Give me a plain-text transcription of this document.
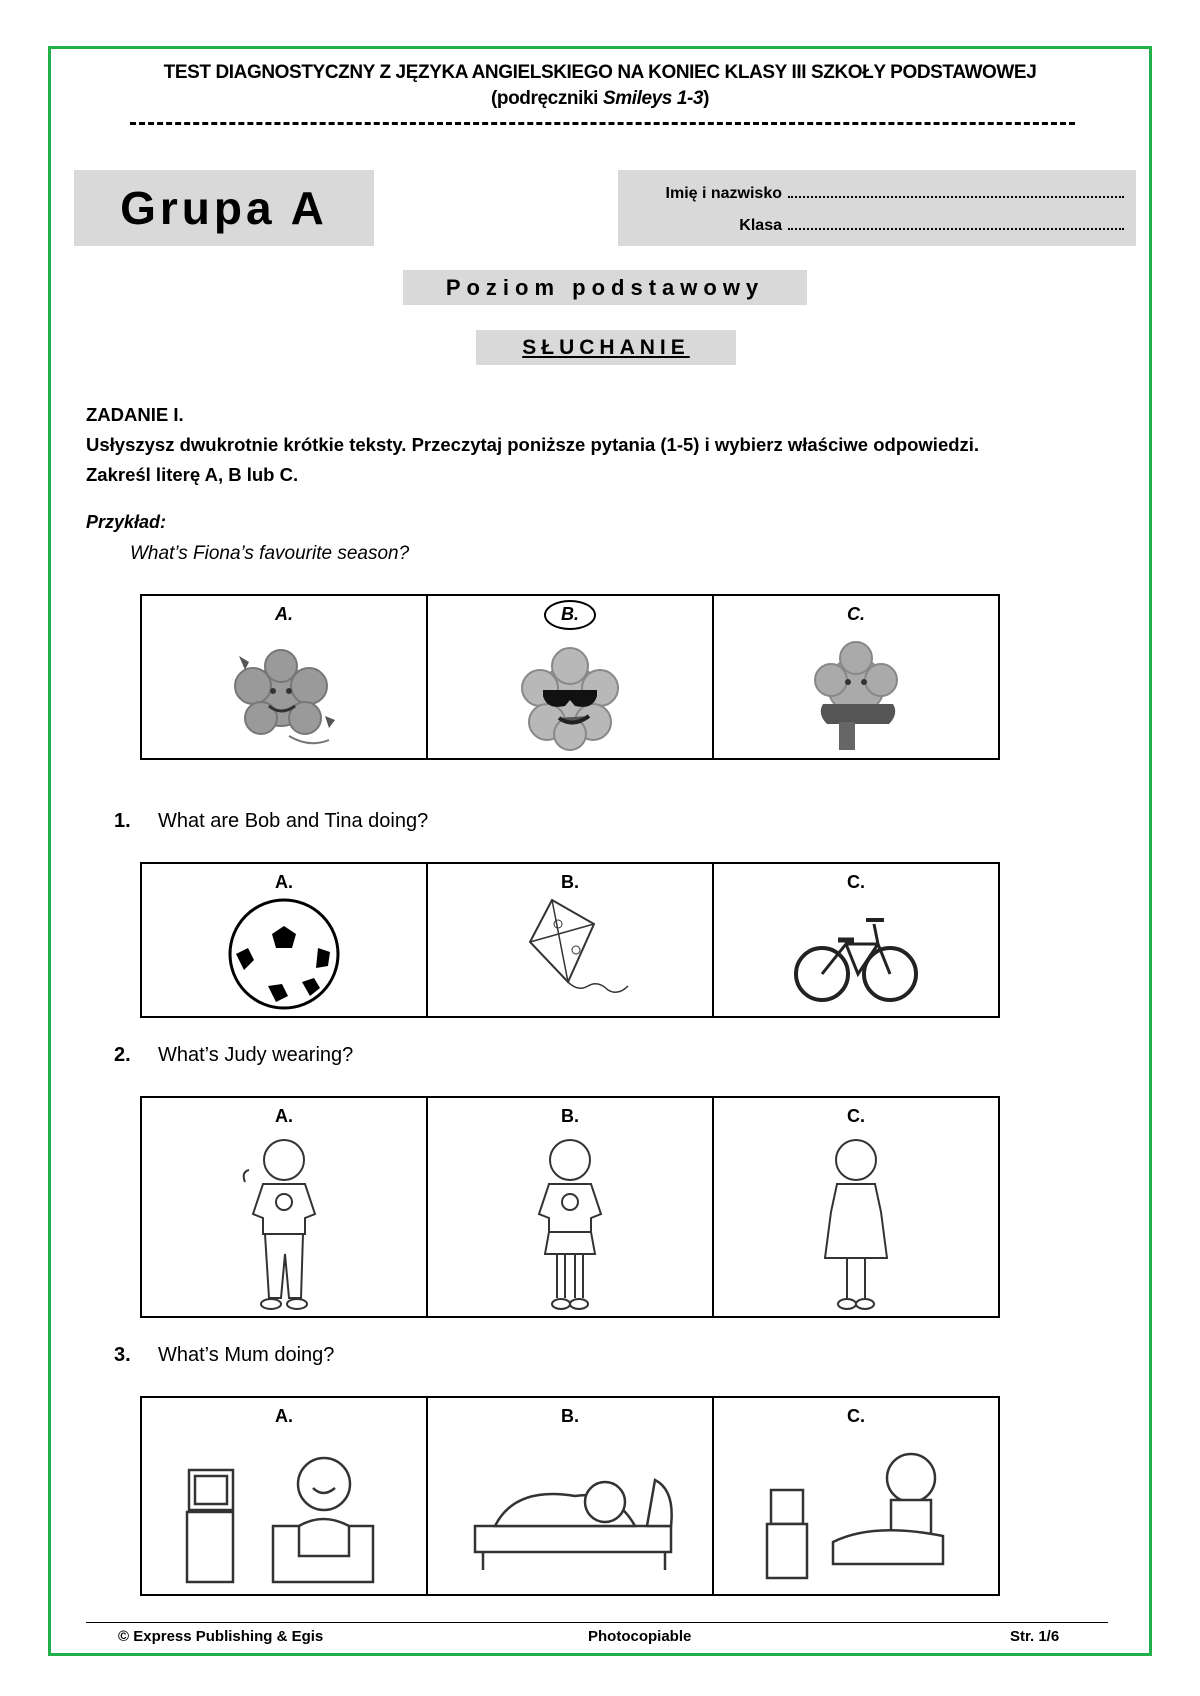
TEST DIAGNOSTYCZNY Z JĘZYKA ANGIELSKIEGO NA KONIEC KLASY III SZKOŁY PODSTAWOWEJ
(podręczniki Smileys 1-3)
Grupa A	Imię i nazwisko
Klasa
Poziom podstawowy
SŁUCHANIE
ZADANIE I.
Usłyszysz dwukrotnie krótkie teksty. Przeczytaj poniższe pytania (1-5) i wybierz właściwe odpowiedzi.
Zakreśl literę A, B lub C.
Przykład:
What’s Fiona’s favourite season?
A.	B.	C.
1. What are Bob and Tina doing?
A.	B.	C.
2. What’s Judy wearing?
A.	B.	C.
3. What’s Mum doing?
A.	B.	C.
© Express Publishing & Egis	Photocopiable	Str. 1/6
